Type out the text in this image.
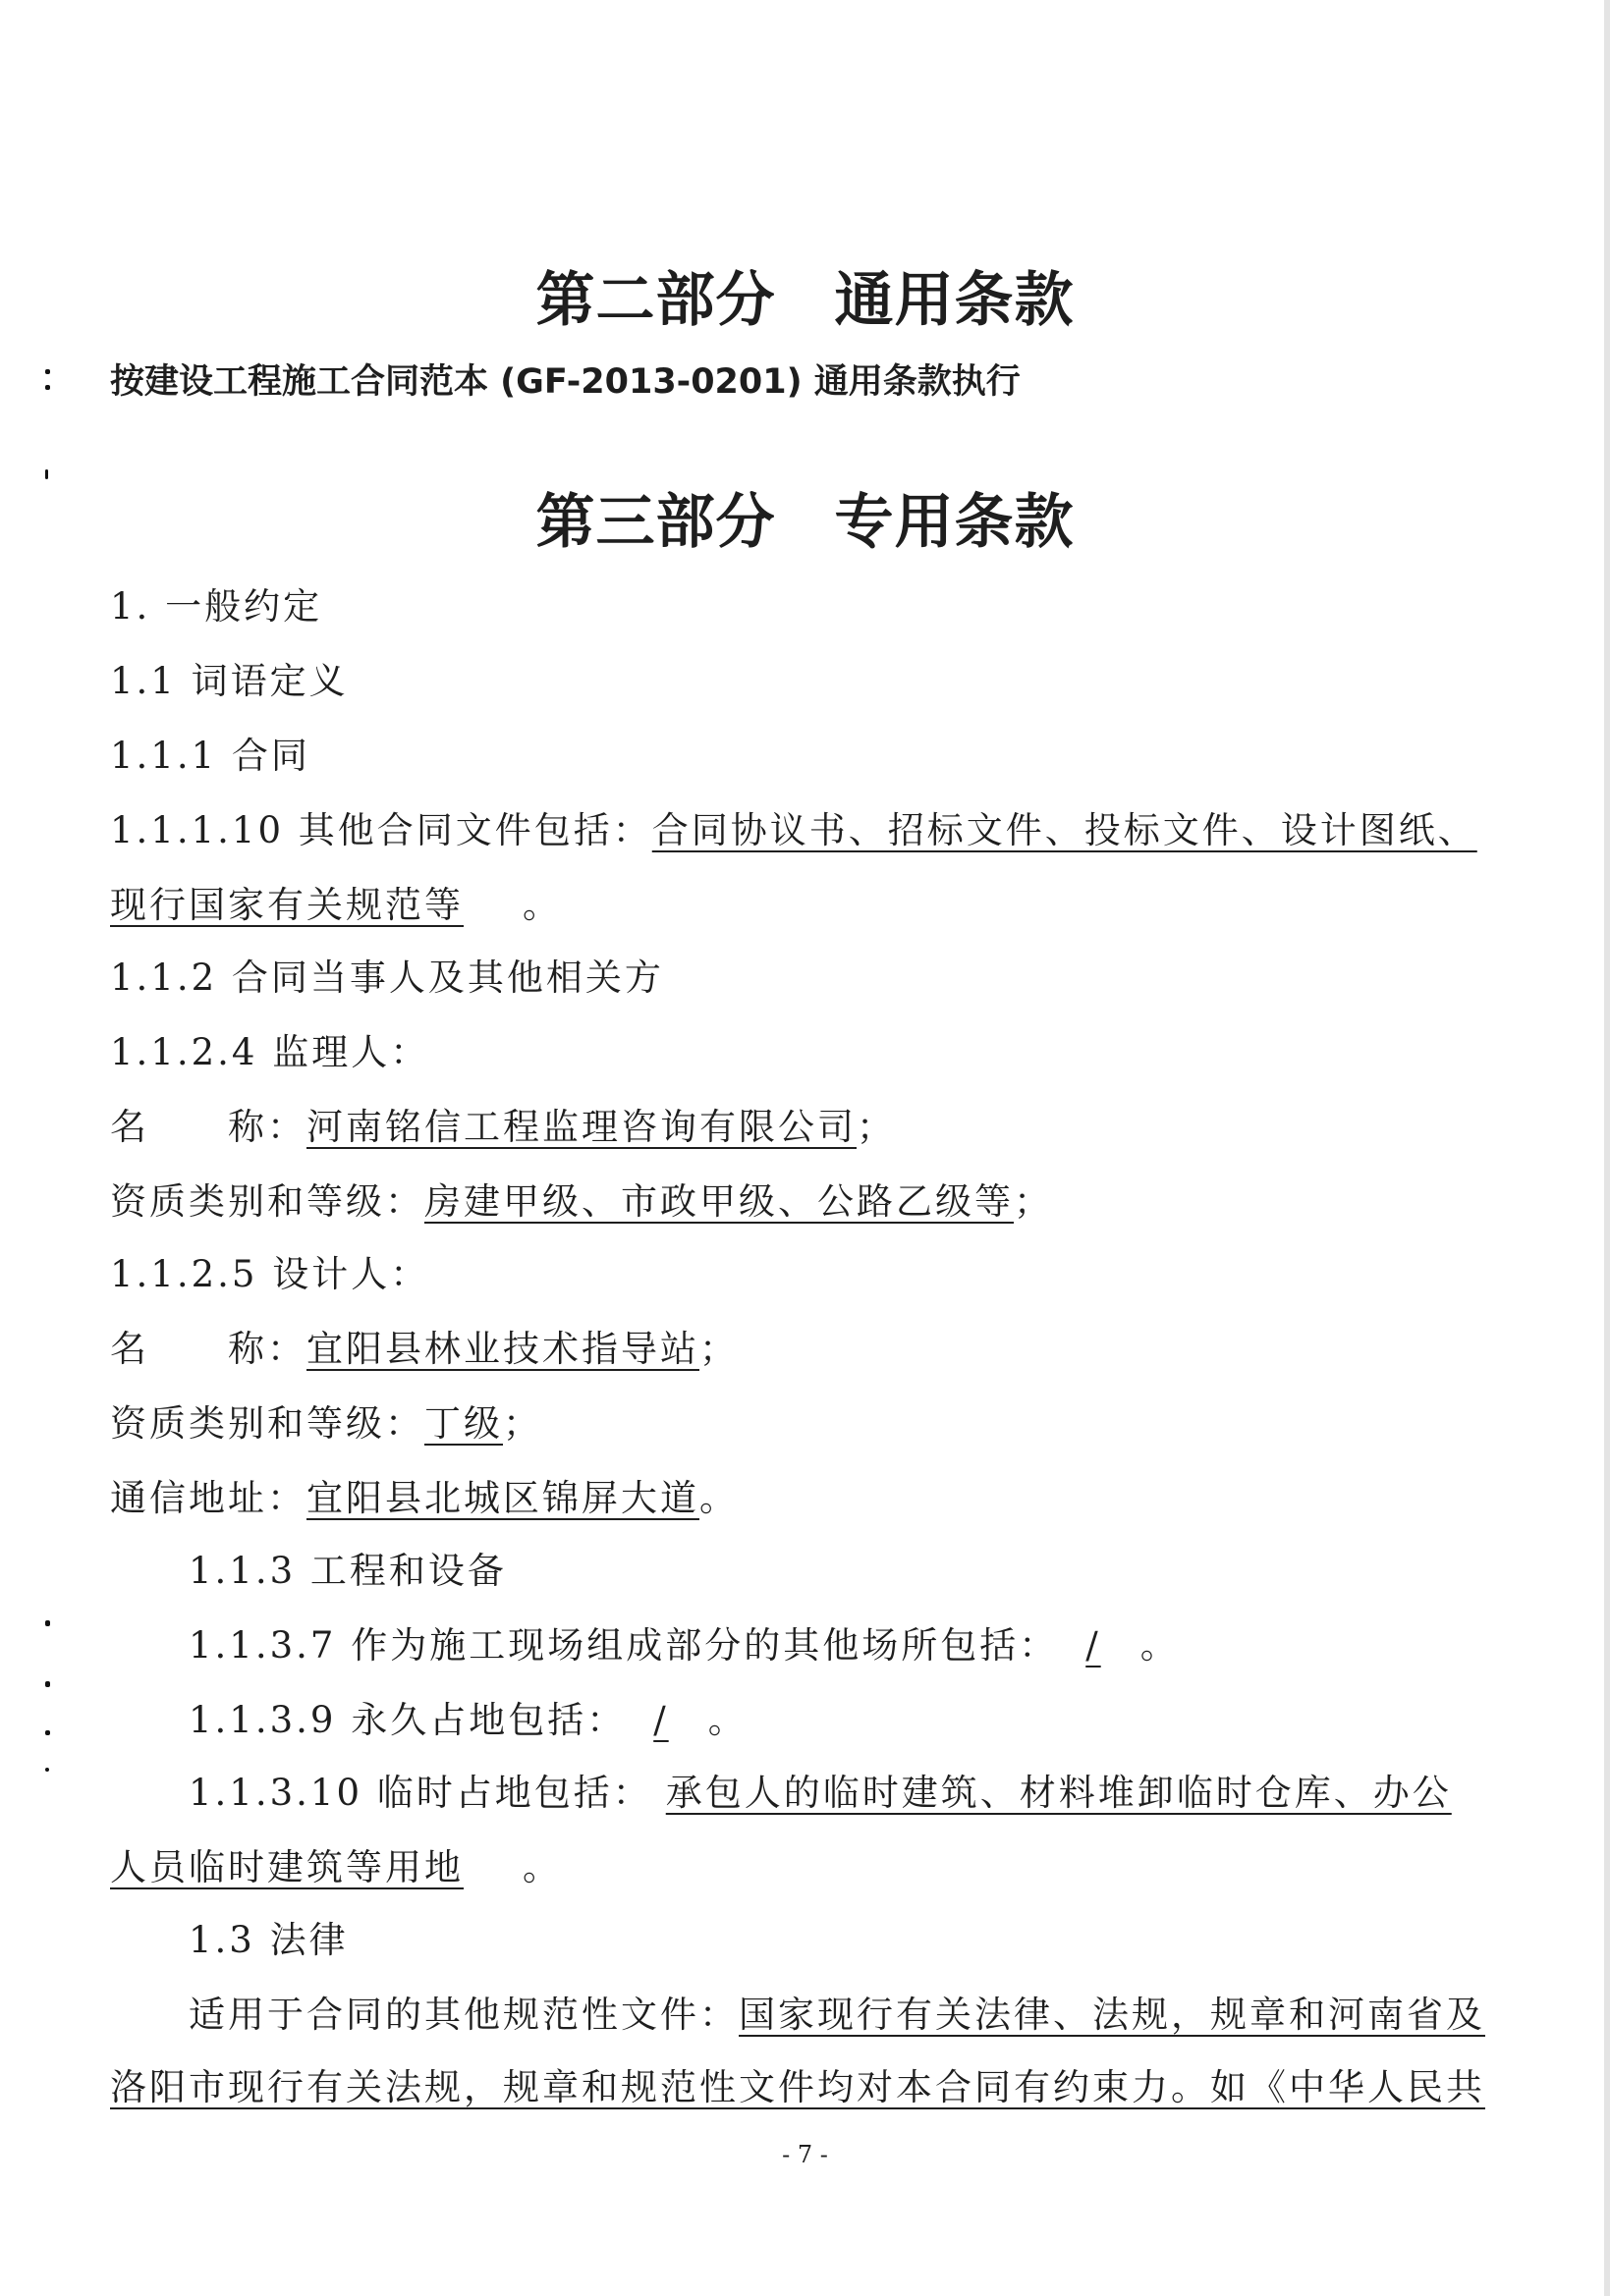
第二部分 通用条款
按建设工程施工合同范本 (GF-2013-0201) 通用条款执行
第三部分 专用条款
1. 一般约定
1.1 词语定义
1.1.1 合同
1.1.1.10 其他合同文件包括：合同协议书、招标文件、投标文件、设计图纸、
现行国家有关规范等 。
1.1.2 合同当事人及其他相关方
1.1.2.4 监理人：
名　　称：河南铭信工程监理咨询有限公司；
资质类别和等级：房建甲级、市政甲级、公路乙级等；
1.1.2.5 设计人：
名　　称：宜阳县林业技术指导站；
资质类别和等级：丁级；
通信地址：宜阳县北城区锦屏大道。
1.1.3 工程和设备
1.1.3.7 作为施工现场组成部分的其他场所包括： / 。
1.1.3.9 永久占地包括： / 。
1.1.3.10 临时占地包括： 承包人的临时建筑、材料堆卸临时仓库、办公
人员临时建筑等用地 。
1.3 法律
适用于合同的其他规范性文件：国家现行有关法律、法规，规章和河南省及
洛阳市现行有关法规，规章和规范性文件均对本合同有约束力。如《中华人民共
- 7 -
